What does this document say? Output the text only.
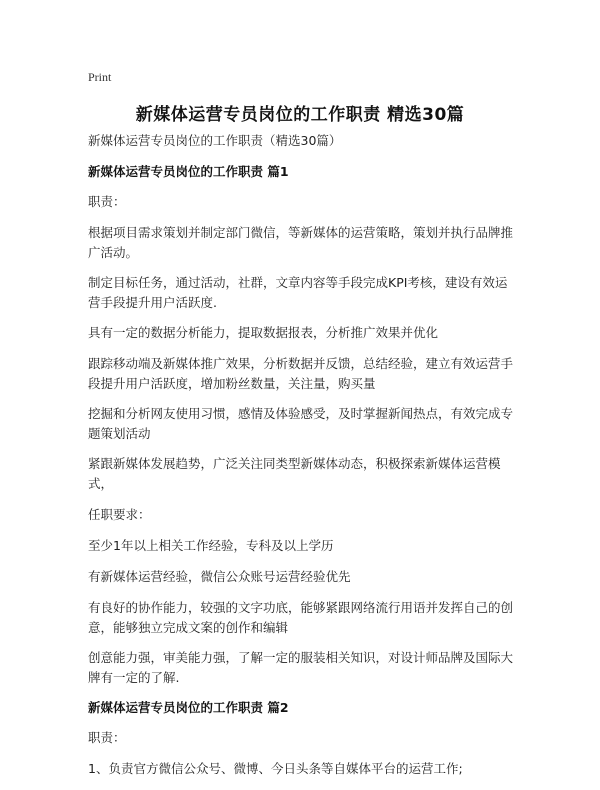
Print
新媒体运营专员岗位的工作职责 精选30篇

新媒体运营专员岗位的工作职责（精选30篇）

新媒体运营专员岗位的工作职责 篇1

职责：

根据项目需求策划并制定部门微信，等新媒体的运营策略，策划并执行品牌推广活动。

制定目标任务，通过活动，社群，文章内容等手段完成KPI考核，建设有效运营手段提升用户活跃度.

具有一定的数据分析能力，提取数据报表，分析推广效果并优化

跟踪移动端及新媒体推广效果，分析数据并反馈，总结经验，建立有效运营手段提升用户活跃度，增加粉丝数量，关注量，购买量

挖掘和分析网友使用习惯，感情及体验感受，及时掌握新闻热点，有效完成专题策划活动

紧跟新媒体发展趋势，广泛关注同类型新媒体动态，积极探索新媒体运营模式，

任职要求：

至少1年以上相关工作经验，专科及以上学历

有新媒体运营经验，微信公众账号运营经验优先

有良好的协作能力，较强的文字功底，能够紧跟网络流行用语并发挥自己的创意，能够独立完成文案的创作和编辑

创意能力强，审美能力强，了解一定的服装相关知识，对设计师品牌及国际大牌有一定的了解.

新媒体运营专员岗位的工作职责 篇2

职责：

1、负责官方微信公众号、微博、今日头条等自媒体平台的运营工作;
